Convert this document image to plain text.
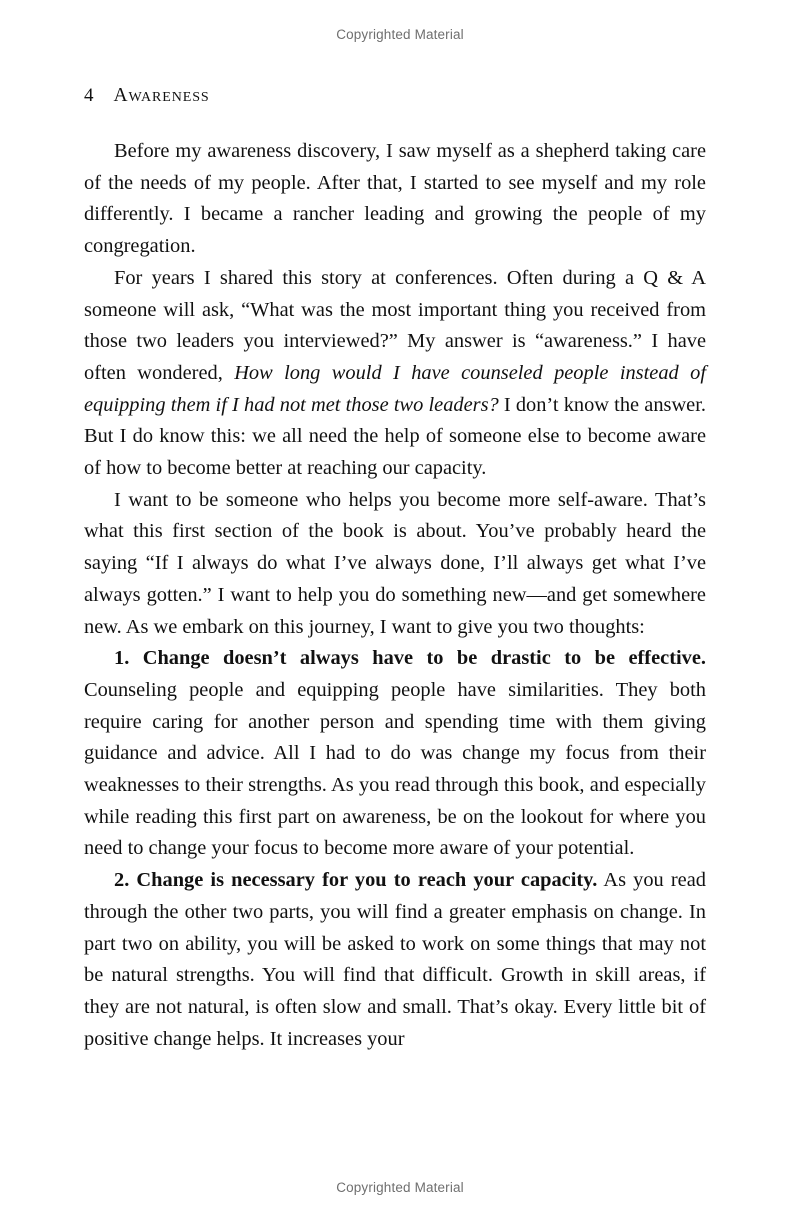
Copyrighted Material
4 Awareness

Before my awareness discovery, I saw myself as a shepherd taking care of the needs of my people. After that, I started to see myself and my role differently. I became a rancher leading and growing the people of my congregation.

For years I shared this story at conferences. Often during a Q & A someone will ask, “What was the most important thing you received from those two leaders you interviewed?” My answer is “awareness.” I have often wondered, How long would I have counseled people instead of equipping them if I had not met those two leaders? I don’t know the answer. But I do know this: we all need the help of someone else to become aware of how to become better at reaching our capacity.

I want to be someone who helps you become more self-aware. That’s what this first section of the book is about. You’ve probably heard the saying “If I always do what I’ve always done, I’ll always get what I’ve always gotten.” I want to help you do something new—and get somewhere new. As we embark on this journey, I want to give you two thoughts:

1. Change doesn’t always have to be drastic to be effective. Counseling people and equipping people have similarities. They both require caring for another person and spending time with them giving guidance and advice. All I had to do was change my focus from their weaknesses to their strengths. As you read through this book, and especially while reading this first part on awareness, be on the lookout for where you need to change your focus to become more aware of your potential.

2. Change is necessary for you to reach your capacity. As you read through the other two parts, you will find a greater emphasis on change. In part two on ability, you will be asked to work on some things that may not be natural strengths. You will find that difficult. Growth in skill areas, if they are not natural, is often slow and small. That’s okay. Every little bit of positive change helps. It increases your

Copyrighted Material
